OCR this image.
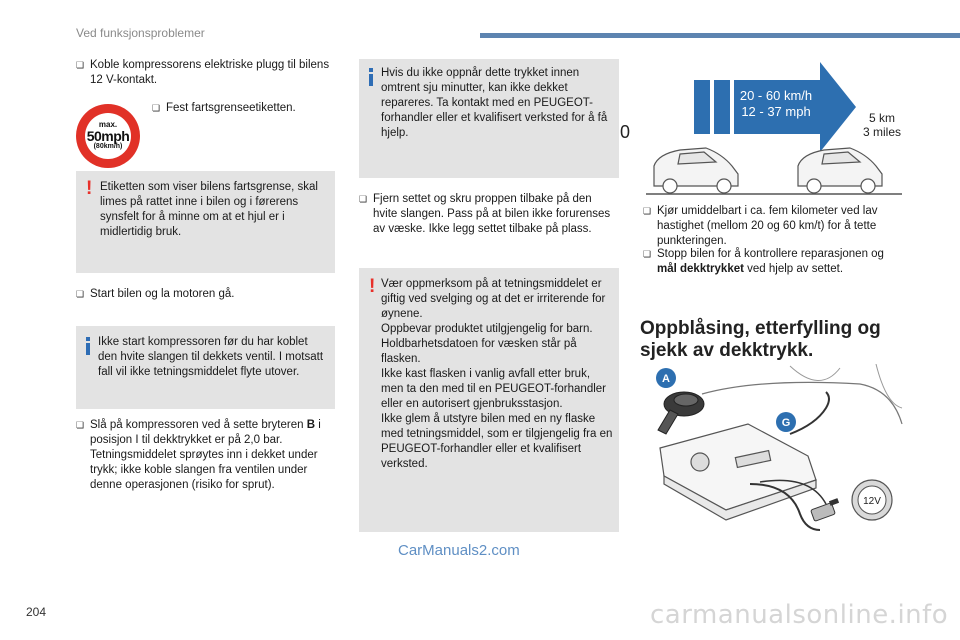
Ved funksjonsproblemer
❏ Koble kompressorens elektriske plugg til bilens 12 V-kontakt.
max.
50mph
(80km/h)
❏ Fest fartsgrenseetiketten.
! Etiketten som viser bilens fartsgrense, skal limes på rattet inne i bilen og i førerens synsfelt for å minne om at et hjul er i midlertidig bruk.
❏ Start bilen og la motoren gå.
Ikke start kompressoren før du har koblet den hvite slangen til dekkets ventil. I motsatt fall vil ikke tetningsmiddelet flyte utover.
❏ Slå på kompressoren ved å sette bryteren B i posisjon I til dekktrykket er på 2,0 bar. Tetningsmiddelet sprøytes inn i dekket under trykk; ikke koble slangen fra ventilen under denne operasjonen (risiko for sprut).
Hvis du ikke oppnår dette trykket innen omtrent sju minutter, kan ikke dekket repareres. Ta kontakt med en PEUGEOT-forhandler eller et kvalifisert verksted for å få hjelp.
❏ Fjern settet og skru proppen tilbake på den hvite slangen. Pass på at bilen ikke forurenses av væske. Ikke legg settet tilbake på plass.
! Vær oppmerksom på at tetningsmiddelet er giftig ved svelging og at det er irriterende for øynene.
Oppbevar produktet utilgjengelig for barn.
Holdbarhetsdatoen for væsken står på flasken.
Ikke kast flasken i vanlig avfall etter bruk, men ta den med til en PEUGEOT-forhandler eller en autorisert gjenbruksstasjon.
Ikke glem å utstyre bilen med en ny flaske med tetningsmiddel, som er tilgjengelig fra en PEUGEOT-forhandler eller et kvalifisert verksted.
20 - 60 km/h
12 - 37 mph
0
5 km
3 miles
❏ Kjør umiddelbart i ca. fem kilometer ved lav hastighet (mellom 20 og 60 km/t) for å tette punkteringen.
❏ Stopp bilen for å kontrollere reparasjonen og mål dekktrykket ved hjelp av settet.
Oppblåsing, etterfylling og
sjekk av dekktrykk.
12V
A
G
CarManuals2.com
204	carmanualsonline.info
